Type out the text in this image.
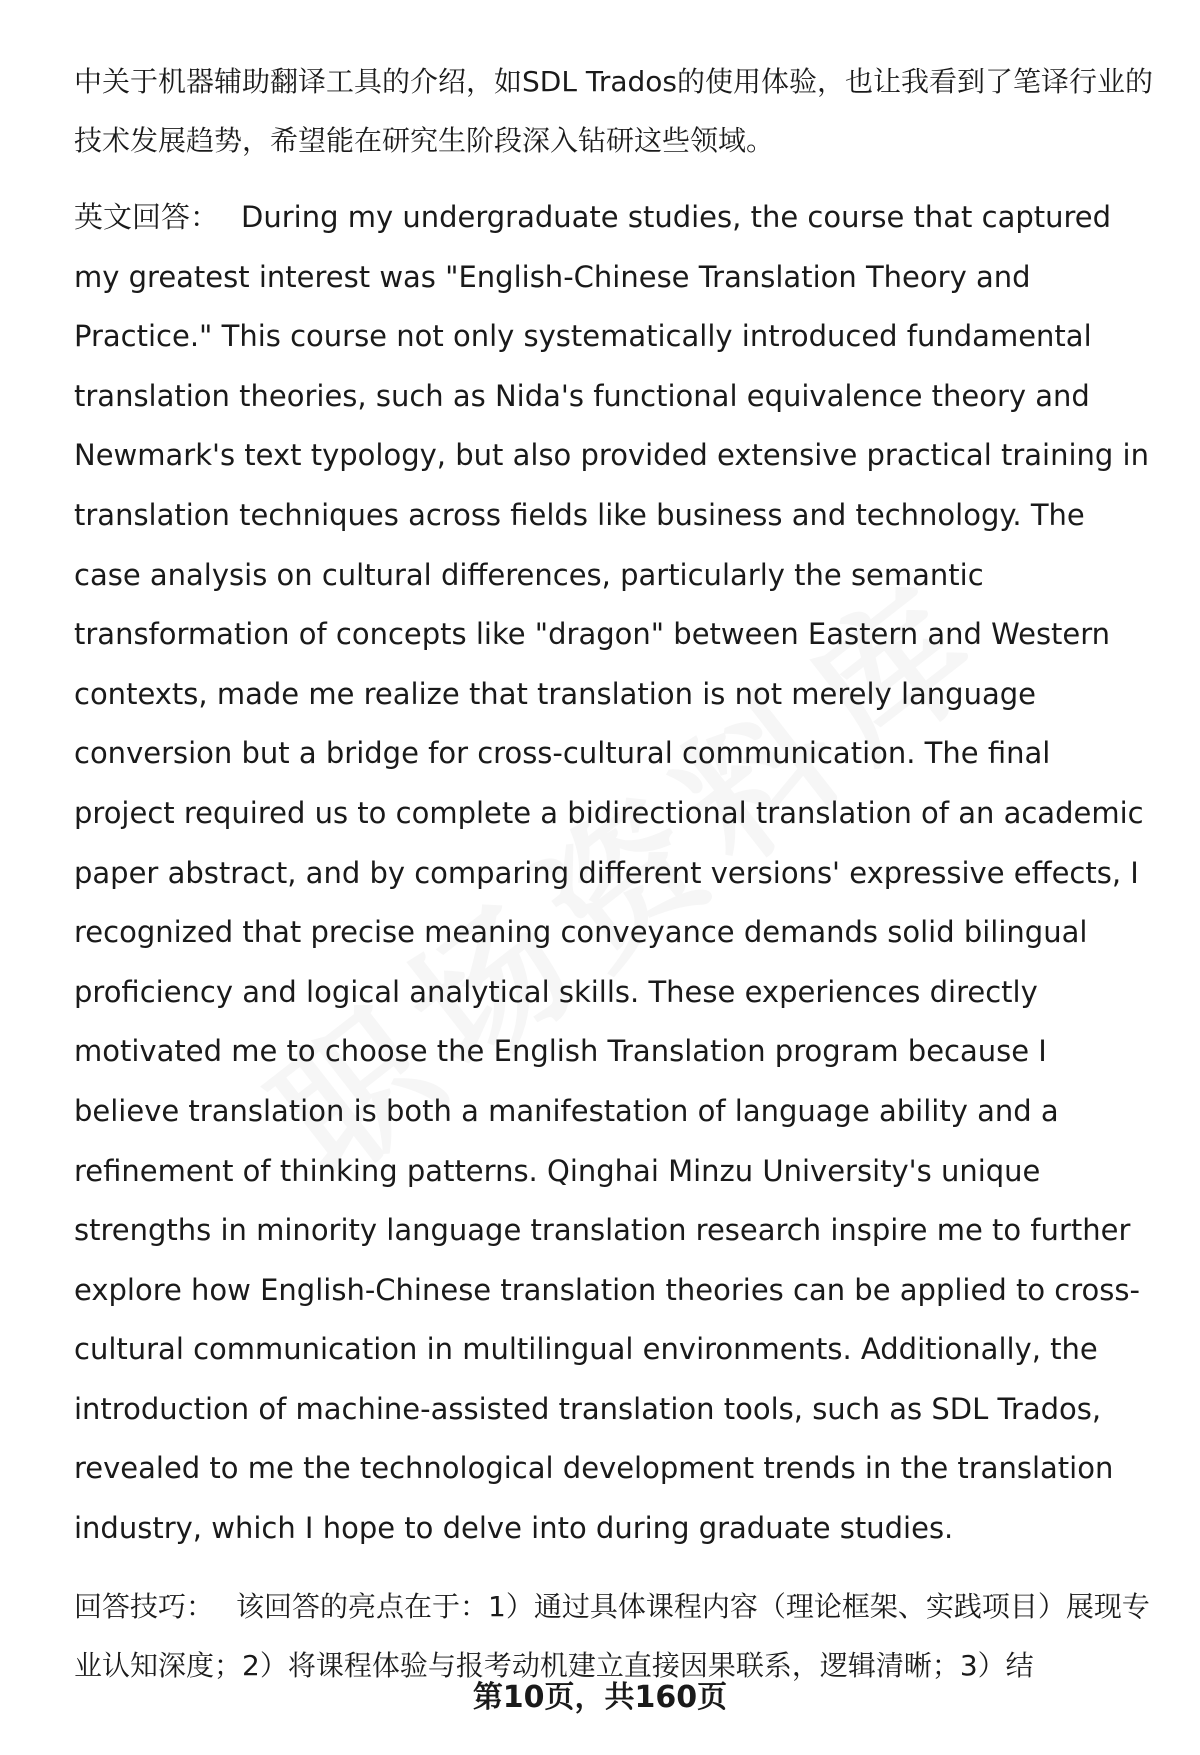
中关于机器辅助翻译工具的介绍，如SDL Trados的使用体验，也让我看到了笔译行业的技术发展趋势，希望能在研究生阶段深入钻研这些领域。

英文回答： During my undergraduate studies, the course that captured my greatest interest was "English-Chinese Translation Theory and Practice." This course not only systematically introduced fundamental translation theories, such as Nida's functional equivalence theory and Newmark's text typology, but also provided extensive practical training in translation techniques across fields like business and technology. The case analysis on cultural differences, particularly the semantic transformation of concepts like "dragon" between Eastern and Western contexts, made me realize that translation is not merely language conversion but a bridge for cross-cultural communication. The final project required us to complete a bidirectional translation of an academic paper abstract, and by comparing different versions' expressive effects, I recognized that precise meaning conveyance demands solid bilingual proficiency and logical analytical skills. These experiences directly motivated me to choose the English Translation program because I believe translation is both a manifestation of language ability and a refinement of thinking patterns. Qinghai Minzu University's unique strengths in minority language translation research inspire me to further explore how English-Chinese translation theories can be applied to cross-cultural communication in multilingual environments. Additionally, the introduction of machine-assisted translation tools, such as SDL Trados, revealed to me the technological development trends in the translation industry, which I hope to delve into during graduate studies.

回答技巧： 该回答的亮点在于：1）通过具体课程内容（理论框架、实践项目）展现专业认知深度；2）将课程体验与报考动机建立直接因果联系，逻辑清晰；3）结

第10页，共160页
